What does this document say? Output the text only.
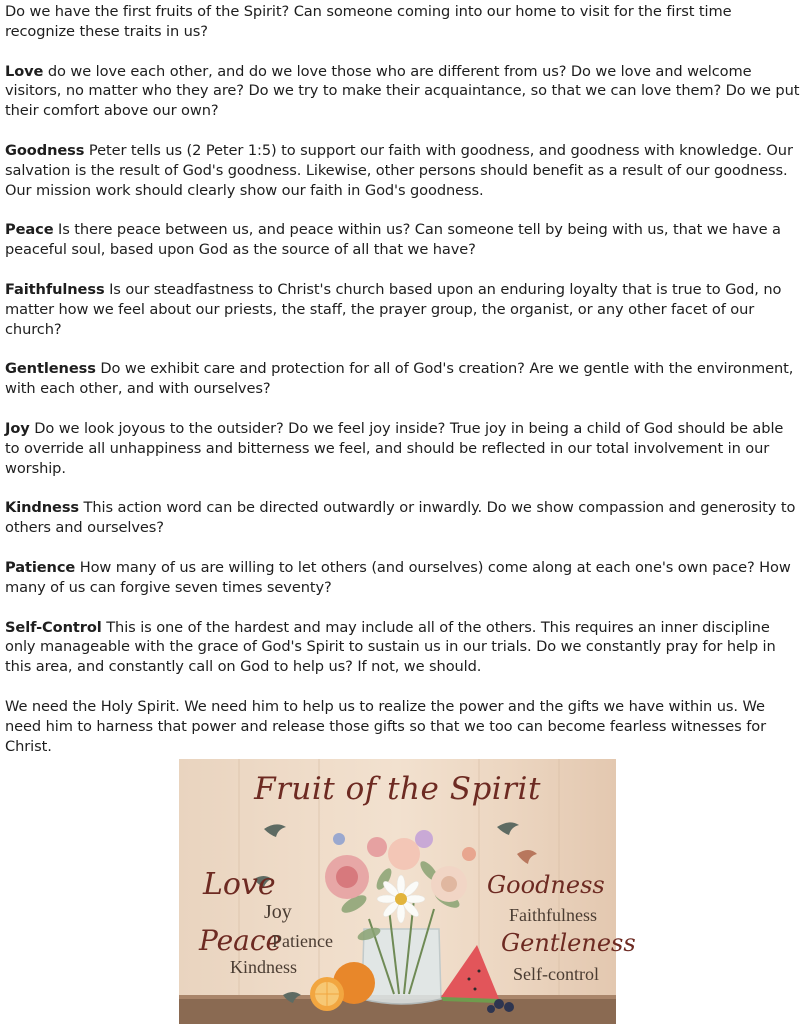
Do we have the first fruits of the Spirit? Can someone coming into our home to visit for the first time recognize these traits in us?

Love do we love each other, and do we love those who are different from us? Do we love and welcome visitors, no matter who they are? Do we try to make their acquaintance, so that we can love them? Do we put their comfort above our own?

Goodness Peter tells us (2 Peter 1:5) to support our faith with goodness, and goodness with knowledge. Our salvation is the result of God's goodness. Likewise, other persons should benefit as a result of our goodness. Our mission work should clearly show our faith in God's goodness.

Peace Is there peace between us, and peace within us? Can someone tell by being with us, that we have a peaceful soul, based upon God as the source of all that we have?

Faithfulness Is our steadfastness to Christ's church based upon an enduring loyalty that is true to God, no matter how we feel about our priests, the staff, the prayer group, the organist, or any other facet of our church?

Gentleness Do we exhibit care and protection for all of God's creation? Are we gentle with the environment, with each other, and with ourselves?

Joy Do we look joyous to the outsider? Do we feel joy inside? True joy in being a child of God should be able to override all unhappiness and bitterness we feel, and should be reflected in our total involvement in our worship.

Kindness This action word can be directed outwardly or inwardly. Do we show compassion and generosity to others and ourselves?

Patience How many of us are willing to let others (and ourselves) come along at each one's own pace? How many of us can forgive seven times seventy?

Self-Control This is one of the hardest and may include all of the others. This requires an inner discipline only manageable with the grace of God's Spirit to sustain us in our trials. Do we constantly pray for help in this area, and constantly call on God to help us? If not, we should.

We need the Holy Spirit. We need him to help us to realize the power and the gifts we have within us. We need him to harness that power and release those gifts so that we too can become fearless witnesses for Christ.

Fruit of the Spirit
Love
Joy
Peace
Patience
Kindness
Goodness
Faithfulness
Gentleness
Self-control
